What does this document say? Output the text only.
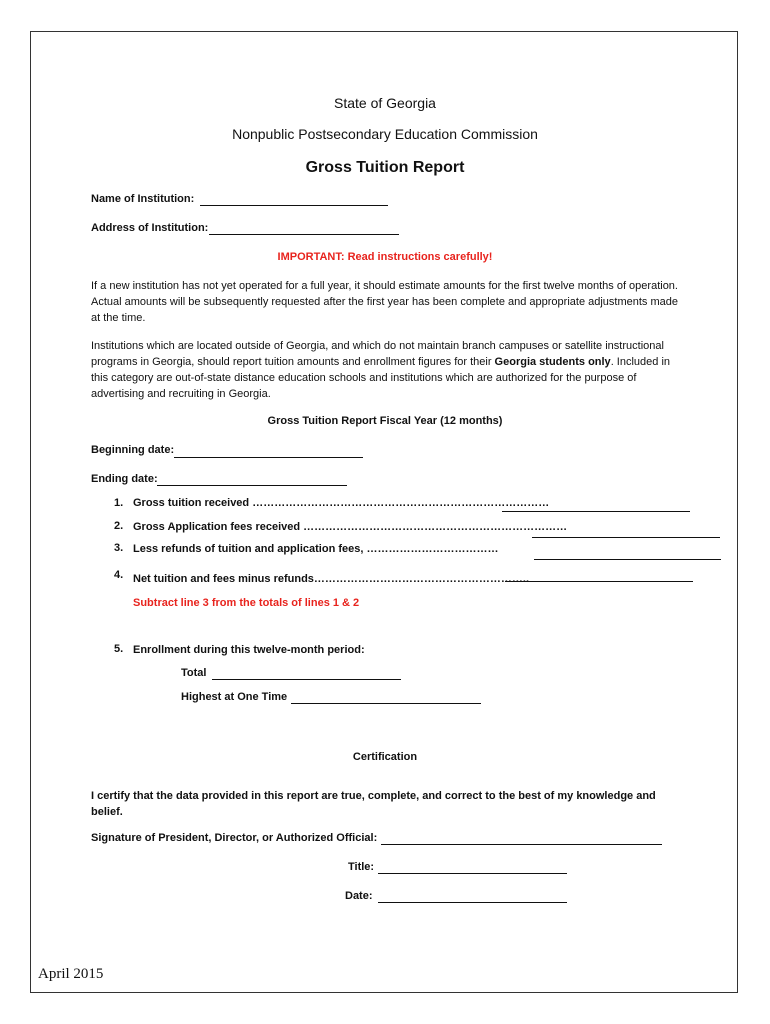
State of Georgia
Nonpublic Postsecondary Education Commission
Gross Tuition Report
Name of Institution:
Address of Institution:
IMPORTANT: Read instructions carefully!
If a new institution has not yet operated for a full year, it should estimate amounts for the first twelve months of operation. Actual amounts will be subsequently requested after the first year has been complete and appropriate adjustments made at the time.
Institutions which are located outside of Georgia, and which do not maintain branch campuses or satellite instructional programs in Georgia, should report tuition amounts and enrollment figures for their Georgia students only. Included in this category are out-of-state distance education schools and institutions which are authorized for the purpose of advertising and recruiting in Georgia.
Gross Tuition Report Fiscal Year (12 months)
Beginning date:
Ending date:
1. Gross tuition received ………………………………………………………………………
2. Gross Application fees received ………………………………………………………………
3. Less refunds of tuition and application fees, ………………………………
4. Net tuition and fees minus refunds…………………………………………………..
Subtract line 3 from the totals of lines 1 & 2
5. Enrollment during this twelve-month period:
Total
Highest at One Time
Certification
I certify that the data provided in this report are true, complete, and correct to the best of my knowledge and belief.
Signature of President, Director, or Authorized Official:
Title:
Date:
April 2015
